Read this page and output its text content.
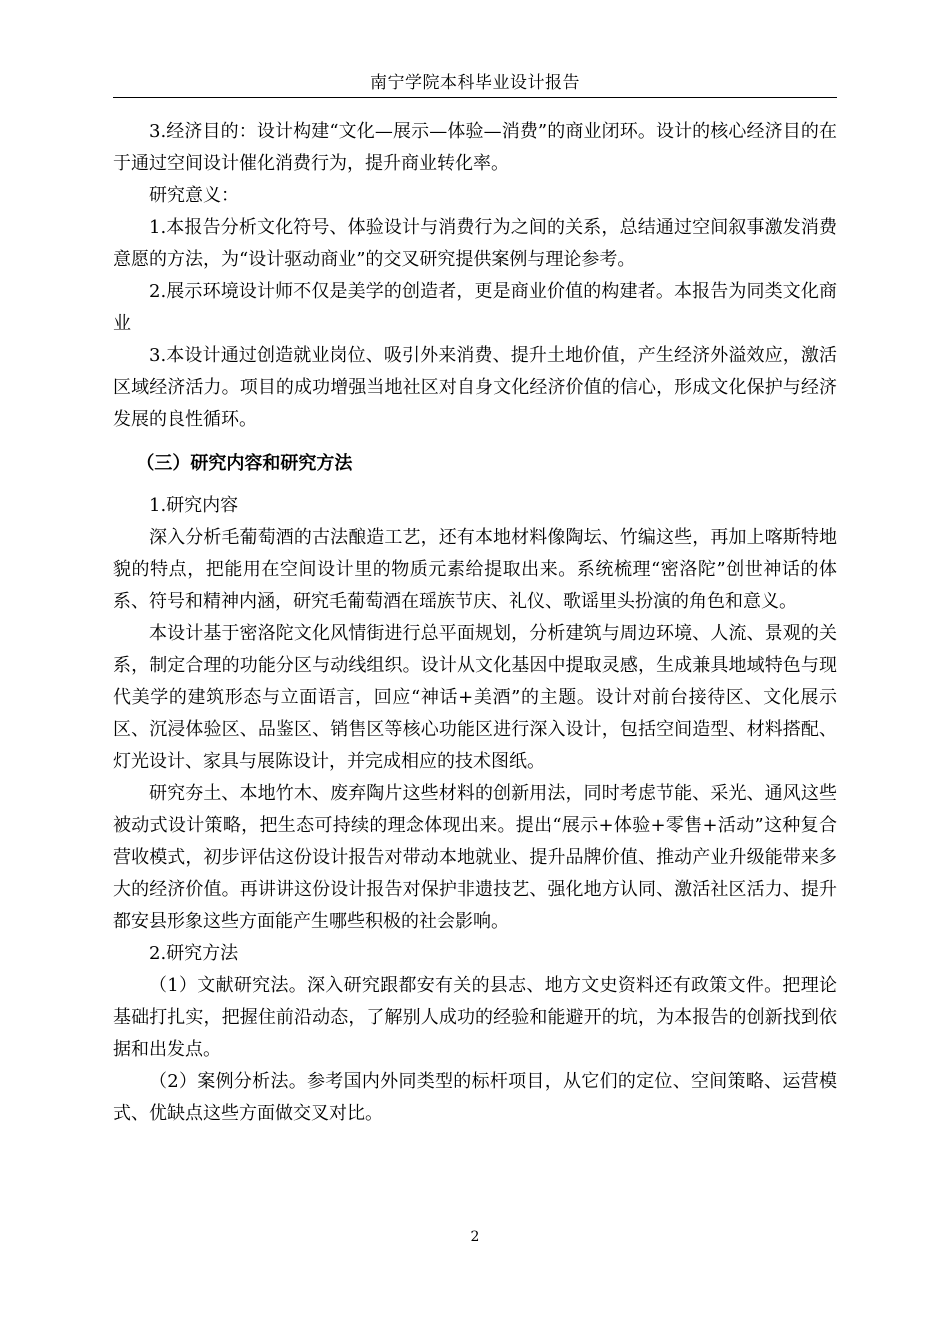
南宁学院本科毕业设计报告

3.经济目的：设计构建“文化—展示—体验—消费”的商业闭环。设计的核心经济目的在于通过空间设计催化消费行为，提升商业转化率。

研究意义：

1.本报告分析文化符号、体验设计与消费行为之间的关系，总结通过空间叙事激发消费意愿的方法，为“设计驱动商业”的交叉研究提供案例与理论参考。

2.展示环境设计师不仅是美学的创造者，更是商业价值的构建者。本报告为同类文化商业

3.本设计通过创造就业岗位、吸引外来消费、提升土地价值，产生经济外溢效应，激活区域经济活力。项目的成功增强当地社区对自身文化经济价值的信心，形成文化保护与经济发展的良性循环。

（三）研究内容和研究方法

1.研究内容

深入分析毛葡萄酒的古法酿造工艺，还有本地材料像陶坛、竹编这些，再加上喀斯特地貌的特点，把能用在空间设计里的物质元素给提取出来。系统梳理“密洛陀”创世神话的体系、符号和精神内涵，研究毛葡萄酒在瑶族节庆、礼仪、歌谣里头扮演的角色和意义。

本设计基于密洛陀文化风情街进行总平面规划，分析建筑与周边环境、人流、景观的关系，制定合理的功能分区与动线组织。设计从文化基因中提取灵感，生成兼具地域特色与现代美学的建筑形态与立面语言，回应“神话+美酒”的主题。设计对前台接待区、文化展示区、沉浸体验区、品鉴区、销售区等核心功能区进行深入设计，包括空间造型、材料搭配、灯光设计、家具与展陈设计，并完成相应的技术图纸。

研究夯土、本地竹木、废弃陶片这些材料的创新用法，同时考虑节能、采光、通风这些被动式设计策略，把生态可持续的理念体现出来。提出“展示+体验+零售+活动”这种复合营收模式，初步评估这份设计报告对带动本地就业、提升品牌价值、推动产业升级能带来多大的经济价值。再讲讲这份设计报告对保护非遗技艺、强化地方认同、激活社区活力、提升都安县形象这些方面能产生哪些积极的社会影响。

2.研究方法

（1）文献研究法。深入研究跟都安有关的县志、地方文史资料还有政策文件。把理论基础打扎实，把握住前沿动态，了解别人成功的经验和能避开的坑，为本报告的创新找到依据和出发点。

（2）案例分析法。参考国内外同类型的标杆项目，从它们的定位、空间策略、运营模式、优缺点这些方面做交叉对比。

2
